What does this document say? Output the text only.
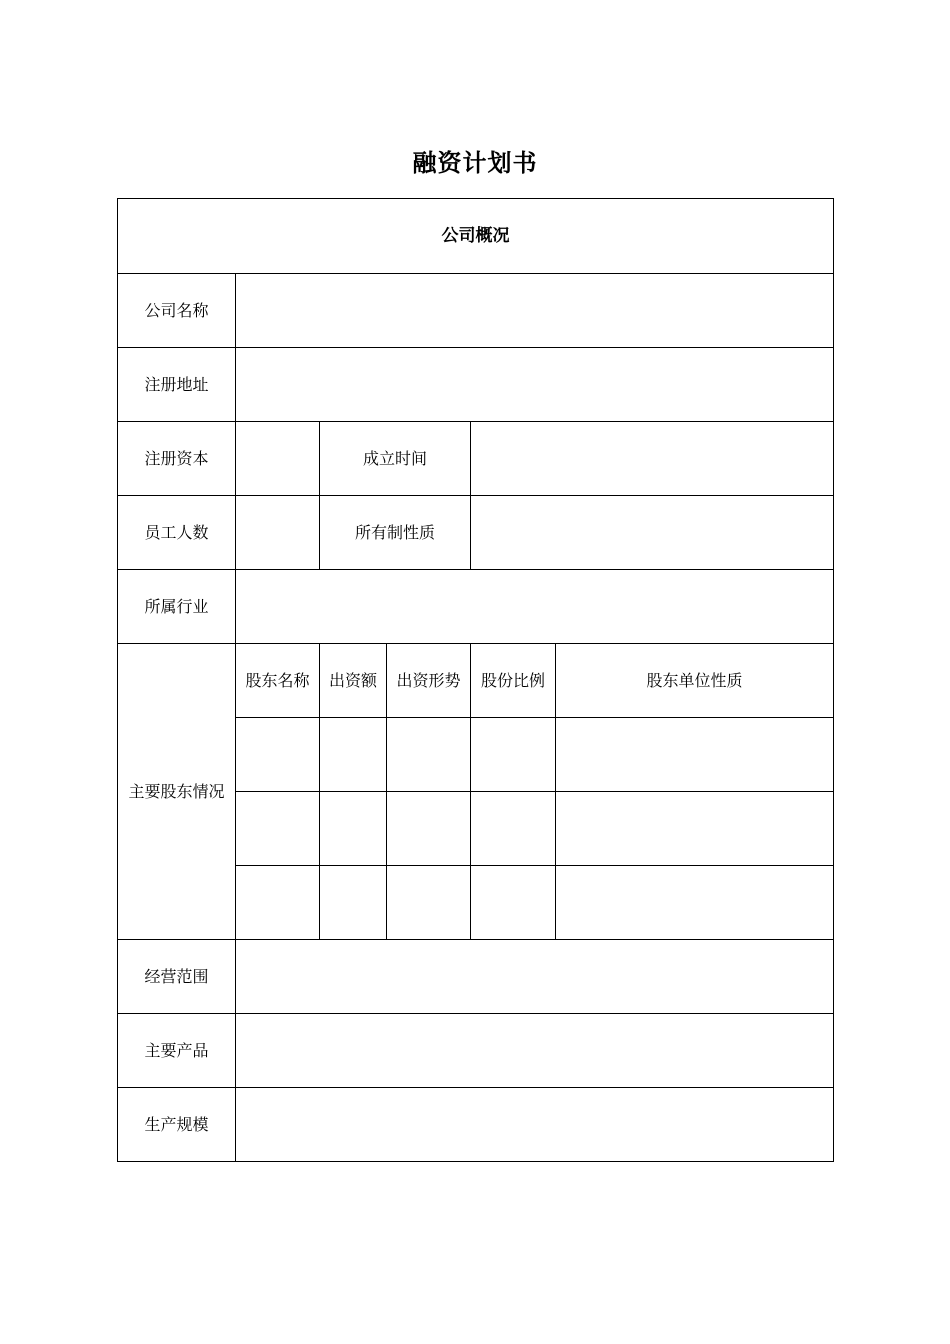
融资计划书
公司概况					
公司名称					
注册地址					
注册资本		成立时间			
员工人数		所有制性质			
所属行业					
主要股东情况	股东名称	出资额	出资形势	股份比例	股东单位性质

经营范围					
主要产品					
生产规模					
